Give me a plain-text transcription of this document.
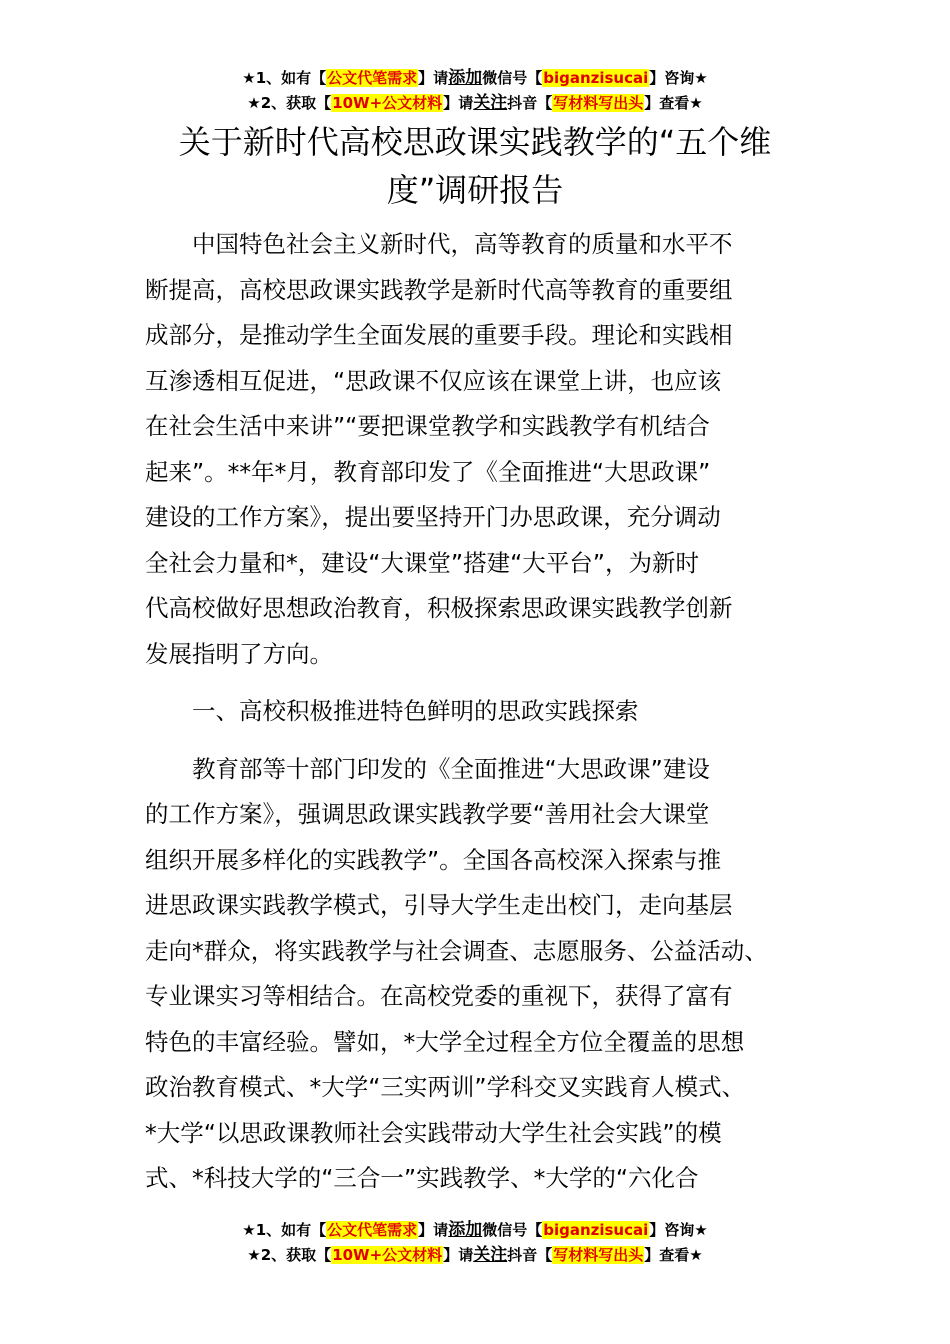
★1、如有【公文代笔需求】请添加微信号【biganzisucai】咨询★
★2、获取【10W+公文材料】请关注抖音【写材料写出头】查看★
关于新时代高校思政课实践教学的“五个维
度”调研报告
　　中国特色社会主义新时代，高等教育的质量和水平不
断提高，高校思政课实践教学是新时代高等教育的重要组
成部分，是推动学生全面发展的重要手段。理论和实践相
互渗透相互促进，“思政课不仅应该在课堂上讲，也应该
在社会生活中来讲”“要把课堂教学和实践教学有机结合
起来”。**年*月，教育部印发了《全面推进“大思政课”
建设的工作方案》，提出要坚持开门办思政课，充分调动
全社会力量和*，建设“大课堂”搭建“大平台”，为新时
代高校做好思想政治教育，积极探索思政课实践教学创新
发展指明了方向。
　　一、高校积极推进特色鲜明的思政实践探索
　　教育部等十部门印发的《全面推进“大思政课”建设
的工作方案》，强调思政课实践教学要“善用社会大课堂
组织开展多样化的实践教学”。全国各高校深入探索与推
进思政课实践教学模式，引导大学生走出校门，走向基层
走向*群众，将实践教学与社会调查、志愿服务、公益活动、
专业课实习等相结合。在高校党委的重视下，获得了富有
特色的丰富经验。譬如，*大学全过程全方位全覆盖的思想
政治教育模式、*大学“三实两训”学科交叉实践育人模式、
*大学“以思政课教师社会实践带动大学生社会实践”的模
式、*科技大学的“三合一”实践教学、*大学的“六化合
★1、如有【公文代笔需求】请添加微信号【biganzisucai】咨询★
★2、获取【10W+公文材料】请关注抖音【写材料写出头】查看★
